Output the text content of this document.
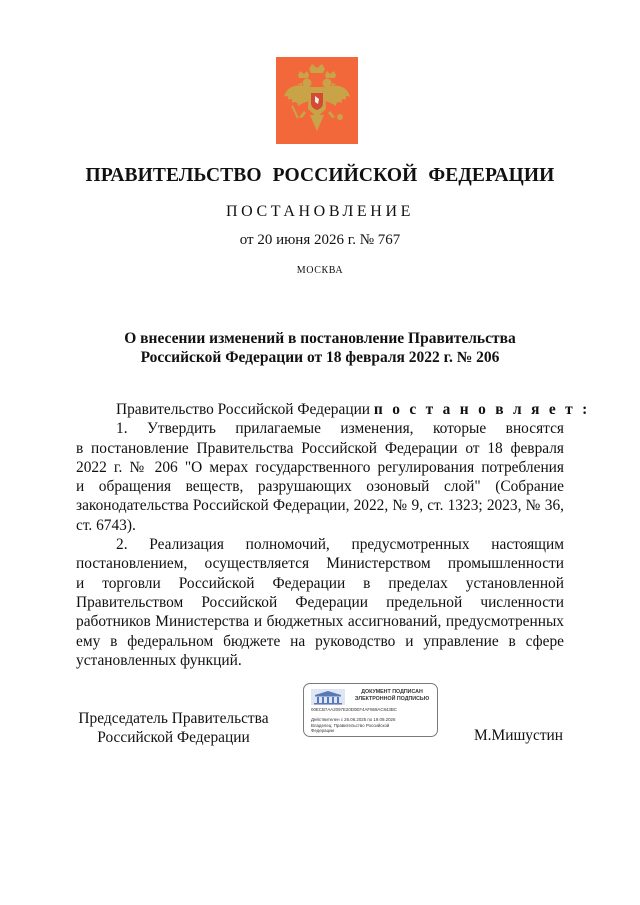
ПРАВИТЕЛЬСТВО РОССИЙСКОЙ ФЕДЕРАЦИИ
ПОСТАНОВЛЕНИЕ
от 20 июня 2026 г. № 767
МОСКВА
О внесении изменений в постановление Правительства
Российской Федерации от 18 февраля 2022 г. № 206
Правительство Российской Федерации п о с т а н о в л я е т :
1. Утвердить прилагаемые изменения, которые вносятся
в постановление Правительства Российской Федерации от 18 февраля
2022 г. № 206 "О мерах государственного регулирования потребления
и обращения веществ, разрушающих озоновый слой" (Собрание
законодательства Российской Федерации, 2022, № 9, ст. 1323; 2023, № 36,
ст. 6743).
2. Реализация полномочий, предусмотренных настоящим
постановлением, осуществляется Министерством промышленности
и торговли Российской Федерации в пределах установленной
Правительством Российской Федерации предельной численности
работников Министерства и бюджетных ассигнований, предусмотренных
ему в федеральном бюджете на руководство и управление в сфере
установленных функций.
Председатель Правительства
Российской Федерации
ДОКУМЕНТ ПОДПИСАН
ЭЛЕКТРОННОЙ ПОДПИСЬЮ
00ECB7AA2097E20D0EF4AF869AC843BC
Действителен с 26.06.2025 по 19.09.2026
Владелец: Правительство Российской
Федерации	М.Мишустин
